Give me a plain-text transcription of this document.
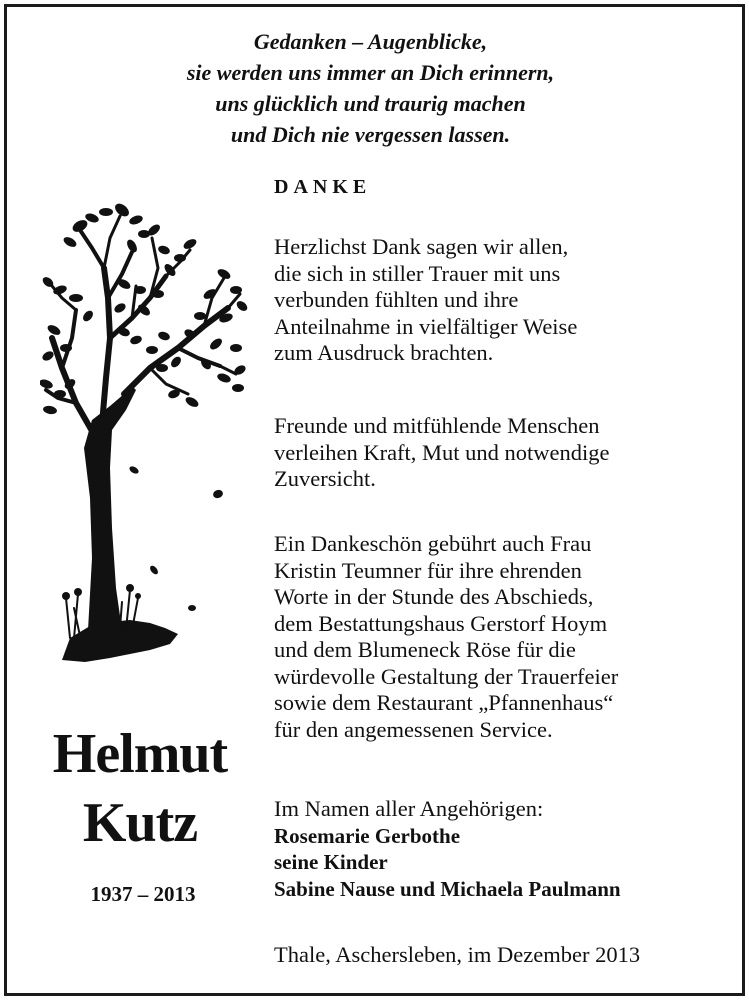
Gedanken – Augenblicke,
sie werden uns immer an Dich erinnern,
uns glücklich und traurig machen
und Dich nie vergessen lassen.
DANKE
Herzlichst Dank sagen wir allen,
die sich in stiller Trauer mit uns
verbunden fühlten und ihre
Anteilnahme in vielfältiger Weise
zum Ausdruck brachten.
Freunde und mitfühlende Menschen
verleihen Kraft, Mut und notwendige
Zuversicht.
Ein Dankeschön gebührt auch Frau
Kristin Teumner für ihre ehrenden
Worte in der Stunde des Abschieds,
dem Bestattungshaus Gerstorf Hoym
und dem Blumeneck Röse für die
würdevolle Gestaltung der Trauerfeier
sowie dem Restaurant „Pfannenhaus“
für den angemessenen Service.
Im Namen aller Angehörigen:
Rosemarie Gerbothe
seine Kinder
Sabine Nause und Michaela Paulmann
Thale, Aschersleben, im Dezember 2013
Helmut
Kutz
1937 – 2013
